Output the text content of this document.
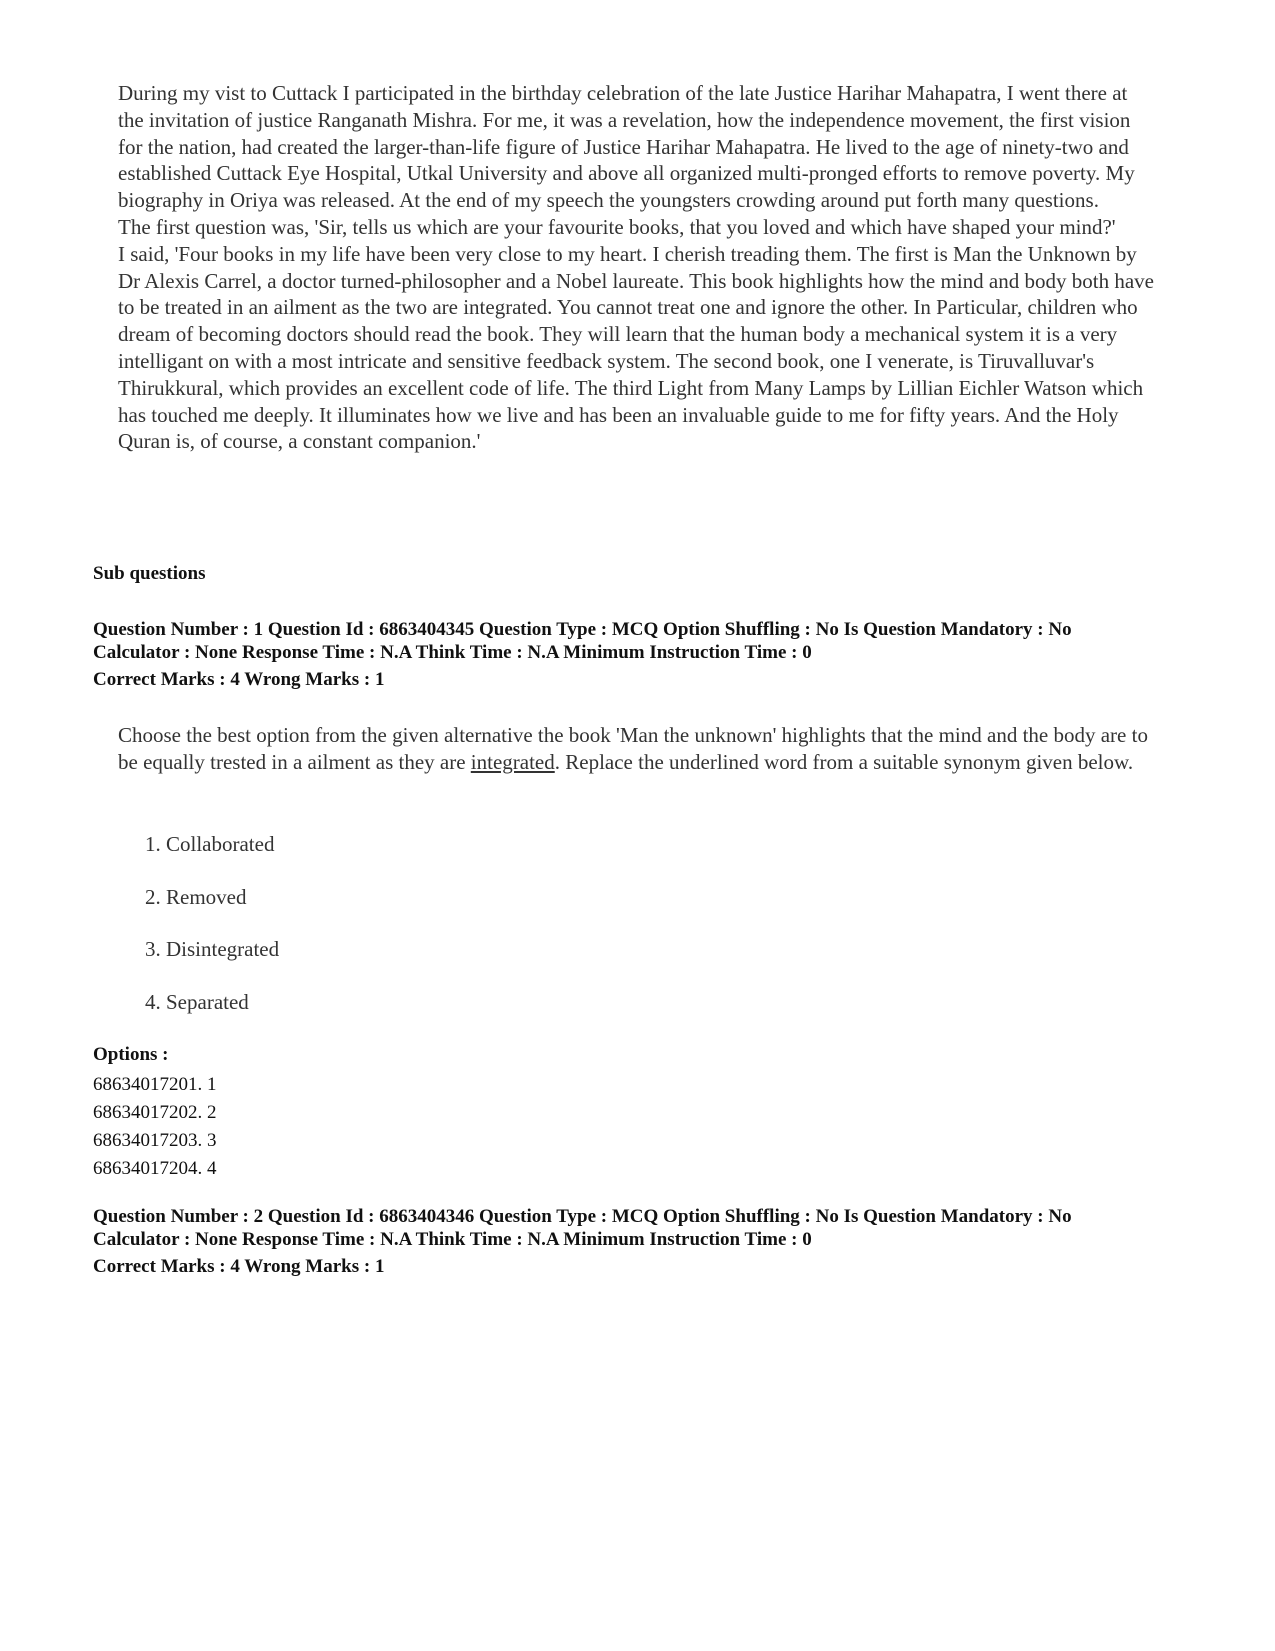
During my vist to Cuttack I participated in the birthday celebration of the late Justice Harihar Mahapatra, I went there at the invitation of justice Ranganath Mishra. For me, it was a revelation, how the independence movement, the first vision for the nation, had created the larger-than-life figure of Justice Harihar Mahapatra. He lived to the age of ninety-two and established Cuttack Eye Hospital, Utkal University and above all organized multi-pronged efforts to remove poverty. My biography in Oriya was released. At the end of my speech the youngsters crowding around put forth many questions.

The first question was, 'Sir, tells us which are your favourite books, that you loved and which have shaped your mind?'

I said, 'Four books in my life have been very close to my heart. I cherish treading them. The first is Man the Unknown by Dr Alexis Carrel, a doctor turned-philosopher and a Nobel laureate. This book highlights how the mind and body both have to be treated in an ailment as the two are integrated. You cannot treat one and ignore the other. In Particular, children who dream of becoming doctors should read the book. They will learn that the human body a mechanical system it is a very intelligant on with a most intricate and sensitive feedback system. The second book, one I venerate, is Tiruvalluvar's Thirukkural, which provides an excellent code of life. The third Light from Many Lamps by Lillian Eichler Watson which has touched me deeply. It illuminates how we live and has been an invaluable guide to me for fifty years. And the Holy Quran is, of course, a constant companion.'

Sub questions
Question Number : 1 Question Id : 6863404345 Question Type : MCQ Option Shuffling : No Is Question Mandatory : No
Calculator : None Response Time : N.A Think Time : N.A Minimum Instruction Time : 0
Correct Marks : 4 Wrong Marks : 1

Choose the best option from the given alternative the book 'Man the unknown' highlights that the mind and the body are to be equally trested in a ailment as they are integrated. Replace the underlined word from a suitable synonym given below.

1. Collaborated
2. Removed
3. Disintegrated
4. Separated
Options :
68634017201. 1
68634017202. 2
68634017203. 3
68634017204. 4
Question Number : 2 Question Id : 6863404346 Question Type : MCQ Option Shuffling : No Is Question Mandatory : No
Calculator : None Response Time : N.A Think Time : N.A Minimum Instruction Time : 0
Correct Marks : 4 Wrong Marks : 1
